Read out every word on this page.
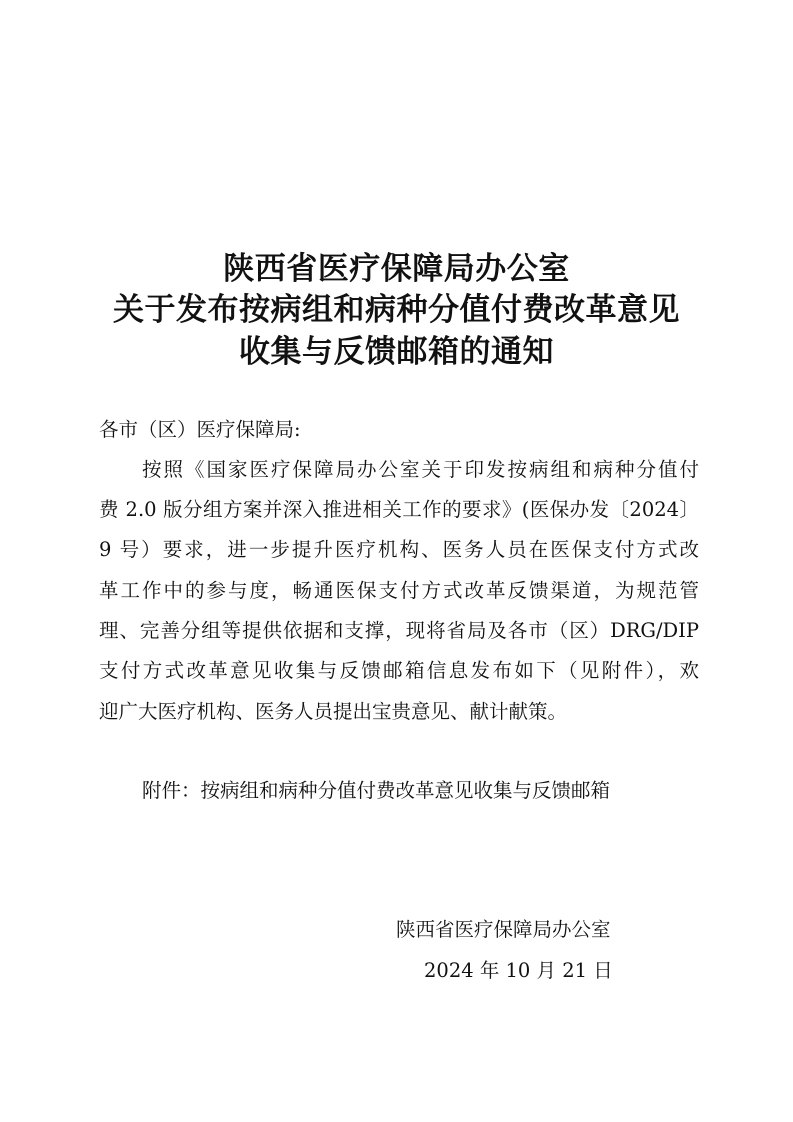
陕西省医疗保障局办公室
关于发布按病组和病种分值付费改革意见
收集与反馈邮箱的通知
各市（区）医疗保障局:
按照《国家医疗保障局办公室关于印发按病组和病种分值付
费 2.0 版分组方案并深入推进相关工作的要求》(医保办发〔2024〕
9 号）要求，进一步提升医疗机构、医务人员在医保支付方式改
革工作中的参与度，畅通医保支付方式改革反馈渠道，为规范管
理、完善分组等提供依据和支撑，现将省局及各市（区）DRG/DIP
支付方式改革意见收集与反馈邮箱信息发布如下（见附件），欢
迎广大医疗机构、医务人员提出宝贵意见、献计献策。
附件：按病组和病种分值付费改革意见收集与反馈邮箱
陕西省医疗保障局办公室
2024 年 10 月 21 日
